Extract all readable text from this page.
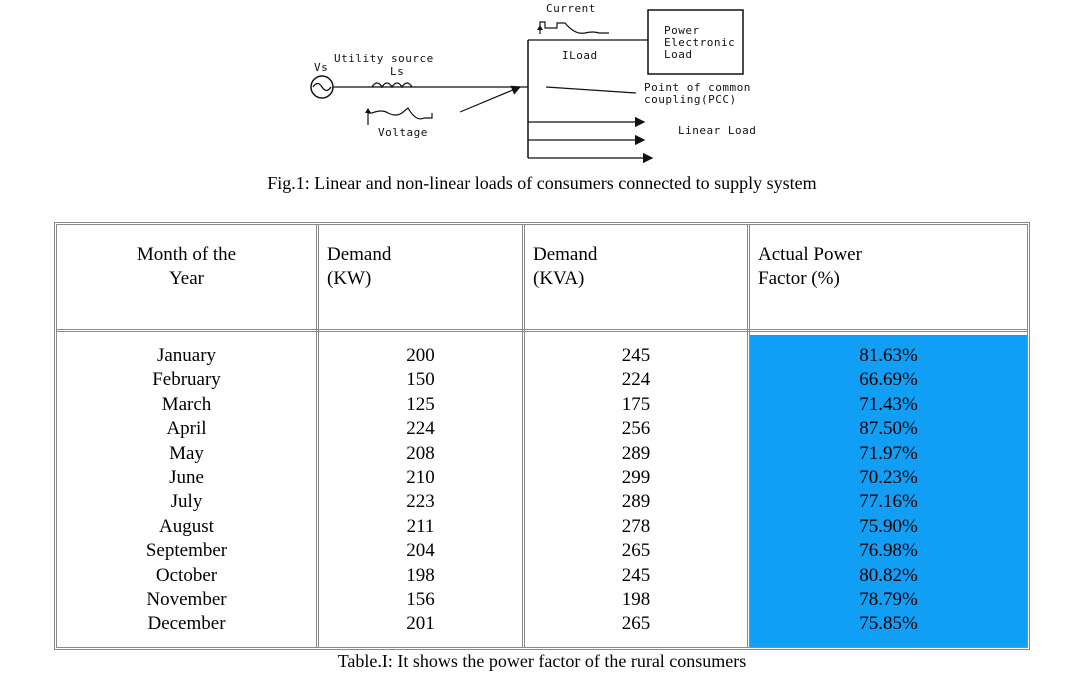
Current
Power
Electronic
Load
ILoad
Utility source
Vs	Ls
Point of common
coupling(PCC)
Voltage	Linear Load
Fig.1: Linear and non-linear loads of consumers connected to supply system
Month of the
Year
Demand
(KW)
Demand
(KVA)
Actual Power
Factor (%)
January
February
March
April
May
June
July
August
September
October
November
December
200
150
125
224
208
210
223
211
204
198
156
201
245
224
175
256
289
299
289
278
265
245
198
265
81.63%
66.69%
71.43%
87.50%
71.97%
70.23%
77.16%
75.90%
76.98%
80.82%
78.79%
75.85%
Table.I: It shows the power factor of the rural consumers
